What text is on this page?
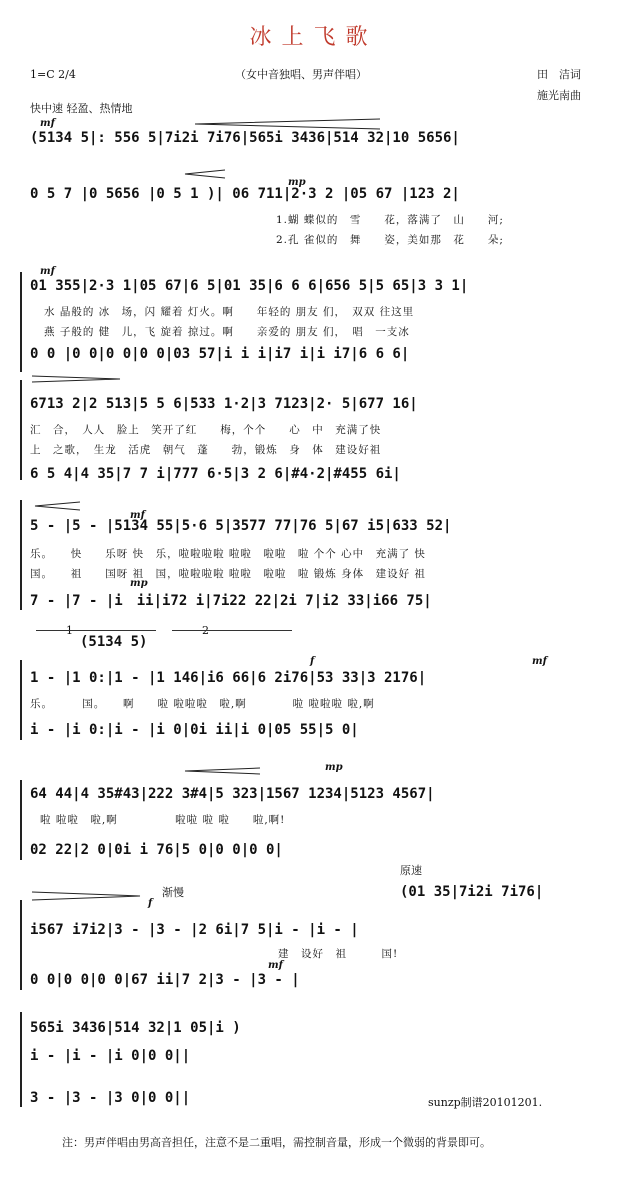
冰上飞歌
1=C 2/4	（女中音独唱、男声伴唱）	田　洁词
施光南曲
快中速 轻盈、热情地
mf
mp
mf
mf
mp
f	mf
mp
f
mf
原速
渐慢
(5134 5|: 556 5|7i2i 7i76|565i 3436|514 32|10 5656|
0 5 7 |0 5656 |0 5 1 )| 06 711|2·3 2 |05 67 |123 2|
1.蝴 蝶似的　雪　　花，落满了　山　　河;
2.孔 雀似的　舞　　姿，美如那　花　　朵;
01 355|2·3 1|05 67|6 5|01 35|6 6 6|656 5|5 65|3 3 1|
水 晶般的 冰　场，闪 耀着 灯火。啊　　年轻的 朋友 们，　双双 往这里
燕 子般的 健　儿，飞 旋着 掠过。啊　　亲爱的 朋友 们，　唱　一支冰
0 0 |0 0|0 0|0 0|03 57|i i i|i7 i|i i7|6 6 6|
6713 2|2 513|5 5 6|533 1·2|3 7123|2· 5|677 16|
汇　合，　人人　脸上　笑开了红　　梅，个个　　心　中　充满了快
上　之歌，　生龙　活虎　朝气　蓬　　勃，锻炼　身　体　建设好祖
6 5 4|4 35|7 7 i|777 6·5|3 2 6|#4·2|#455 6i|
5 - |5 - |5134 55|5·6 5|3577 77|76 5|67 i5|633 52|
乐。　　快　　乐呀 快　乐，啦啦啦啦 啦啦　啦啦　啦 个个 心中　充满了 快
国。　　祖　　国呀 祖　国，啦啦啦啦 啦啦　啦啦　啦 锻炼 身体　建设好 祖
7 - |7 - |i　ii|i72 i|7i22 22|2i 7|i2 33|i66 75|
(5134 5)
1 - |1 0:|1 - |1 146|i6 66|6 2i76|53 33|3 2176|
乐。　　　国。　　啊　　啦 啦啦啦　啦,啊　　　　啦 啦啦啦 啦,啊
i - |i 0:|i - |i 0|0i ii|i 0|05 55|5 0|
64 44|4 35#43|222 3#4|5 323|1567 1234|5123 4567|
啦 啦啦　啦,啊　　　　　啦啦 啦 啦　　啦,啊!
02 22|2 0|0i i 76|5 0|0 0|0 0|
(01 35|7i2i 7i76|
i567 i7i2|3 - |3 - |2 6i|7 5|i - |i - |
建　设好　祖　　　国!
0 0|0 0|0 0|67 ii|7 2|3 - |3 - |
565i 3436|514 32|1 05|i )
i - |i - |i 0|0 0||
3 - |3 - |3 0|0 0||	sunzp制谱20101201.
注：男声伴唱由男高音担任，注意不是二重唱，需控制音量，形成一个微弱的背景即可。
